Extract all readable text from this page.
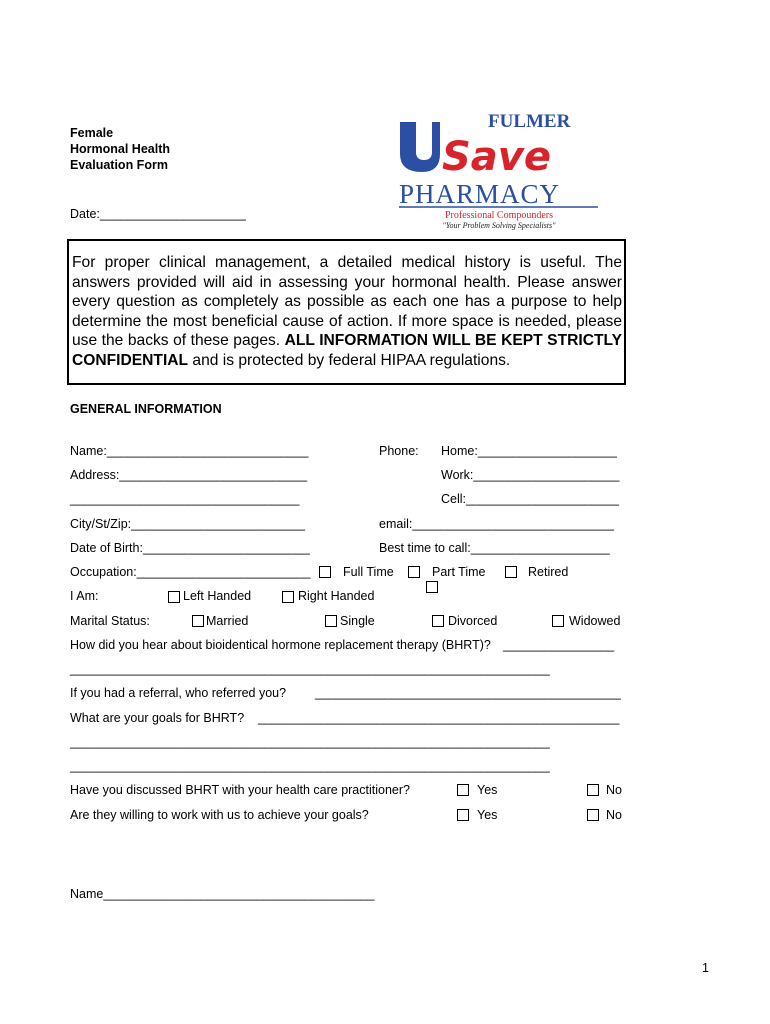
Female
Hormonal Health
Evaluation Form
Date:_____________________
FULMER
Save
PHARMACY
Professional Compounders
"Your Problem Solving Specialists"

For proper clinical management, a detailed medical history is useful. The answers provided will aid in assessing your hormonal health. Please answer every question as completely as possible as each one has a purpose to help determine the most beneficial cause of action. If more space is needed, please use the backs of these pages. ALL INFORMATION WILL BE KEPT STRICTLY CONFIDENTIAL and is protected by federal HIPAA regulations.

GENERAL INFORMATION
Name:_____________________________	Phone: Home:____________________
Address:___________________________	Work:_____________________
_________________________________	Cell:______________________
City/St/Zip:_________________________	email:_____________________________
Date of Birth:________________________	Best time to call:____________________
Occupation:_________________________	Full Time	Part Time	Retired
I Am:	Left Handed	Right Handed
Marital Status:	Married	Single	Divorced	Widowed
How did you hear about bioidentical hormone replacement therapy (BHRT)? ________________
_____________________________________________________________________
If you had a referral, who referred you? ____________________________________________
What are your goals for BHRT? ____________________________________________________
_____________________________________________________________________
_____________________________________________________________________
Have you discussed BHRT with your health care practitioner?	Yes	No
Are they willing to work with us to achieve your goals?	Yes	No
Name_______________________________________
1
